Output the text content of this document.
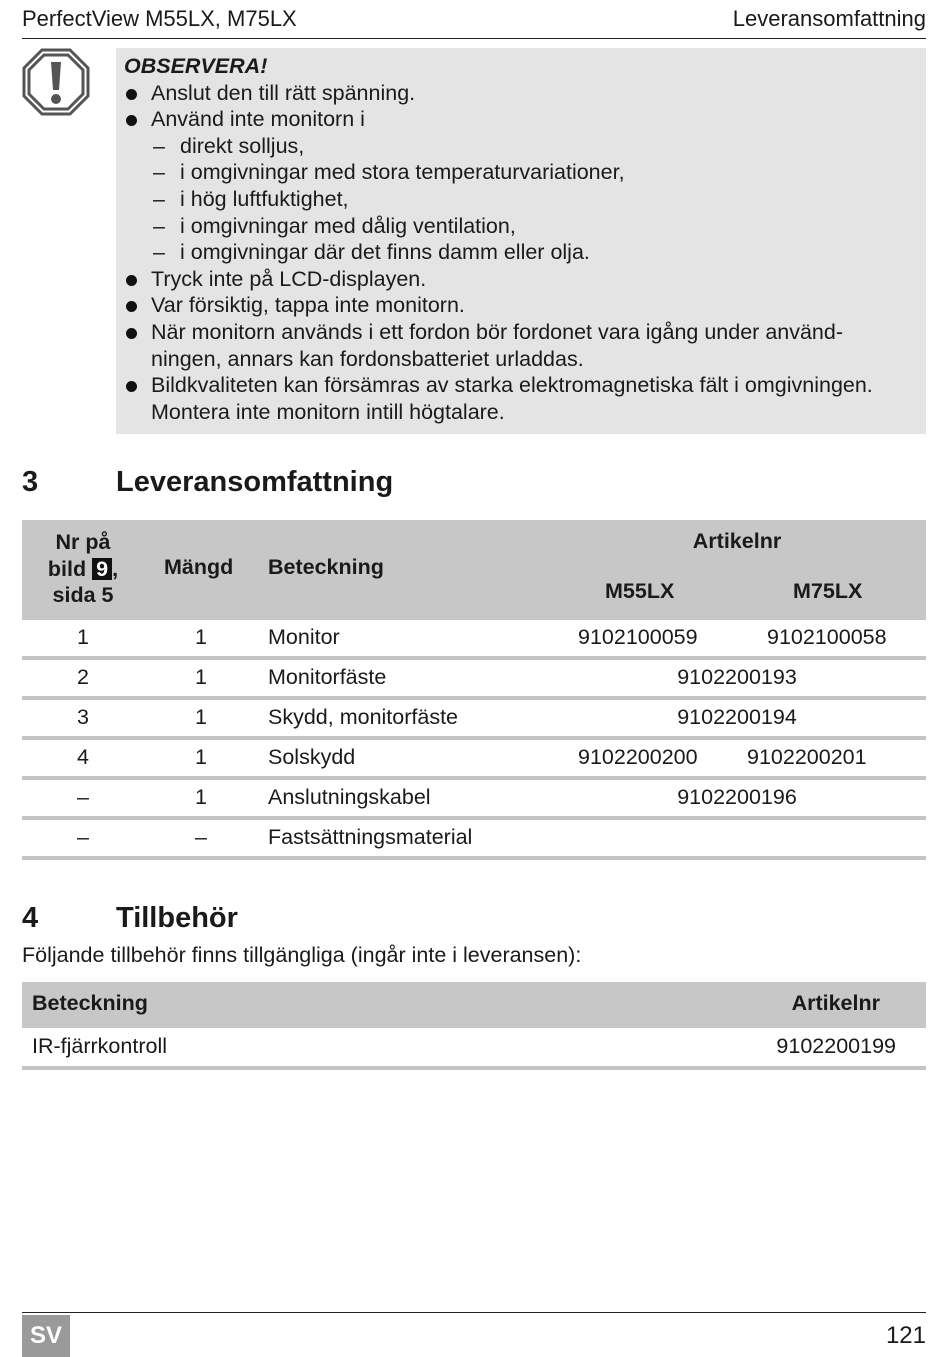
PerfectView M55LX, M75LX	Leveransomfattning
OBSERVERA!
Anslut den till rätt spänning.
Använd inte monitorn i
– direkt solljus,
– i omgivningar med stora temperaturvariationer,
– i hög luftfuktighet,
– i omgivningar med dålig ventilation,
– i omgivningar där det finns damm eller olja.
Tryck inte på LCD-displayen.
Var försiktig, tappa inte monitorn.
När monitorn används i ett fordon bör fordonet vara igång under använd-
ningen, annars kan fordonsbatteriet urladdas.
Bildkvaliteten kan försämras av starka elektromagnetiska fält i omgivningen.
Montera inte monitorn intill högtalare.
3	Leveransomfattning
Nr på
bild 9 ,
sida 5
Mängd Beteckning
Artikelnr
M55LX	M75LX
1	1	Monitor	9102100059	9102100058
2	1	Monitorfäste	9102200193
3	1	Skydd, monitorfäste	9102200194
4	1	Solskydd	9102200200 9102200201
–	1	Anslutningskabel	9102200196
–	–	Fastsättningsmaterial
4	Tillbehör
Följande tillbehör finns tillgängliga (ingår inte i leveransen):
Beteckning	Artikelnr
IR-fjärrkontroll	9102200199
SV	121
